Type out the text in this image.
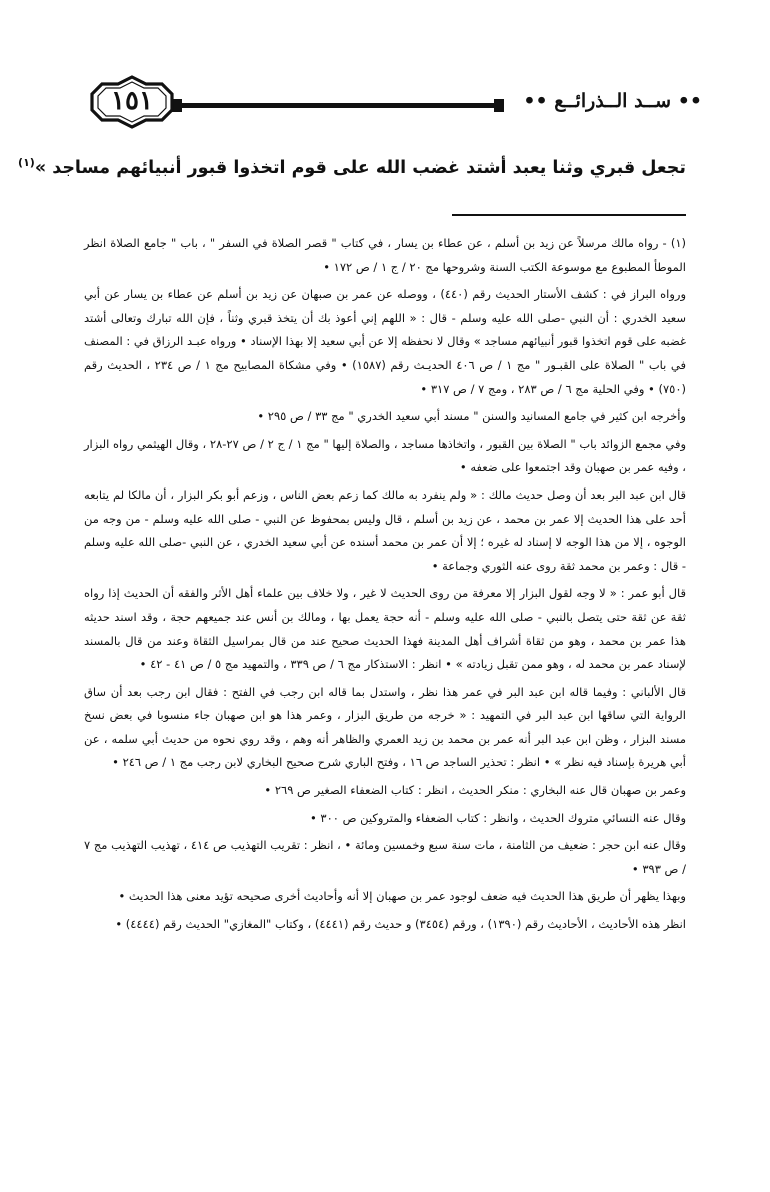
•• ســد الــذرائــع ••
١٥١
تجعل قبري وثنا يعبد أشتد غضب الله على قوم اتخذوا قبور أنبيائهم مساجد »$^{(١)}$

(١) - رواه مالك مرسلاً عن زيد بن أسلم ، عن عطاء بن يسار ، في كتاب " قصر الصلاة في السفر " ، باب " جامع الصلاة انظر الموطأ المطبوع مع موسوعة الكتب السنة وشروحها مج ٢٠ / ج ١ / ص ١٧٢ •

ورواه البراز في : كشف الأستار الحديث رقم (٤٤٠) ، ووصله عن عمر بن صبهان عن زيد بن أسلم عن عطاء بن يسار عن أبي سعيد الخدري : أن النبي -صلى الله عليه وسلم - قال : « اللهم إني أعوذ بك أن يتخذ قبري وثناً ، فإن الله تبارك وتعالى أشتد غضبه على قوم اتخذوا قبور أنبيائهم مساجد » وقال لا نحفظه إلا عن أبي سعيد إلا بهذا الإسناد • ورواه عبـد الرزاق في : المصنف في باب " الصلاة على القبـور " مج ١ / ص ٤٠٦ الحديـث رقم (١٥٨٧) • وفي مشكاة المصابيح مج ١ / ص ٢٣٤ ، الحديث رقم (٧٥٠) • وفي الحلية مج ٦ / ص ٢٨٣ ، ومج ٧ / ص ٣١٧ •

وأخرجه ابن كثير في جامع المسانيد والسنن " مسند أبي سعيد الخدري " مج ٣٣ / ص ٢٩٥ •

وفي مجمع الزوائد باب " الصلاة بين القبور ، واتخاذها مساجد ، والصلاة إليها " مج ١ / ج ٢ / ص ٢٧-٢٨ ، وقال الهيثمي رواه البزار ، وفيه عمر بن صهبان وقد اجتمعوا على ضعفه •

قال ابن عبد البر بعد أن وصل حديث مالك : « ولم ينفرد به مالك كما زعم بعض الناس ، وزعم أبو بكر البزار ، أن مالكا لم يتابعه أحد على هذا الحديث إلا عمر بن محمد ، عن زيد بن أسلم ، قال وليس بمحفوظ عن النبي - صلى الله عليه وسلم - من وجه من الوجوه ، إلا من هذا الوجه لا إسناد له غيره ؛ إلا أن عمر بن محمد أسنده عن أبي سعيد الخدري ، عن النبي -صلى الله عليه وسلم - قال : وعمر بن محمد ثقة روى عنه الثوري وجماعة •

قال أبو عمر : « لا وجه لقول البزار إلا معرفة من روى الحديث لا غير ، ولا خلاف بين علماء أهل الأثر والفقه أن الحديث إذا رواه ثقة عن ثقة حتى يتصل بالنبي - صلى الله عليه وسلم - أنه حجة يعمل بها ، ومالك بن أنس عند جميعهم حجة ، وقد اسند حديثه هذا عمر بن محمد ، وهو من ثقاة أشراف أهل المدينة فهذا الحديث صحيح عند من قال بمراسيل الثقاة وعند من قال بالمسند لإسناد عمر بن محمد له ، وهو ممن تقبل زيادته » • انظر : الاستذكار مج ٦ / ص ٣٣٩ ، والتمهيد مج ٥ / ص ٤١ - ٤٢ •

قال الألباني : وفيما قاله ابن عبد البر في عمر هذا نظر ، واستدل بما قاله ابن رجب في الفتح : فقال ابن رجب بعد أن ساق الرواية التي ساقها ابن عبد البر في التمهيد : « خرجه من طريق البزار ، وعمر هذا هو ابن صهبان جاء منسوبا في بعض نسخ مسند البزار ، وظن ابن عبد البر أنه عمر بن محمد بن زيد العمري والظاهر أنه وهم ، وقد روي نحوه من حديث أبي سلمه ، عن أبي هريرة بإسناد فيه نظر » • انظر : تحذير الساجد ص ١٦ ، وفتح الباري شرح صحيح البخاري لابن رجب مج ١ / ص ٢٤٦ •

وعمر بن صهبان قال عنه البخاري : منكر الحديث ، انظر : كتاب الضعفاء الصغير ص ٢٦٩ •

وقال عنه النسائي متروك الحديث ، وانظر : كتاب الضعفاء والمتروكين ص ٣٠٠ •

وقال عنه ابن حجر : ضعيف من الثامنة ، مات سنة سبع وخمسين ومائة • ، انظر : تقريب التهذيب ص ٤١٤ ، تهذيب التهذيب مج ٧ / ص ٣٩٣ •

وبهذا يظهر أن طريق هذا الحديث فيه ضعف لوجود عمر بن صهبان إلا أنه وأحاديث أخرى صحيحه تؤيد معنى هذا الحديث •

انظر هذه الأحاديث ، الأحاديث رقم (١٣٩٠) ، ورقم (٣٤٥٤) و حديث رقم (٤٤٤١) ، وكتاب "المغازي" الحديث رقم (٤٤٤٤) •
